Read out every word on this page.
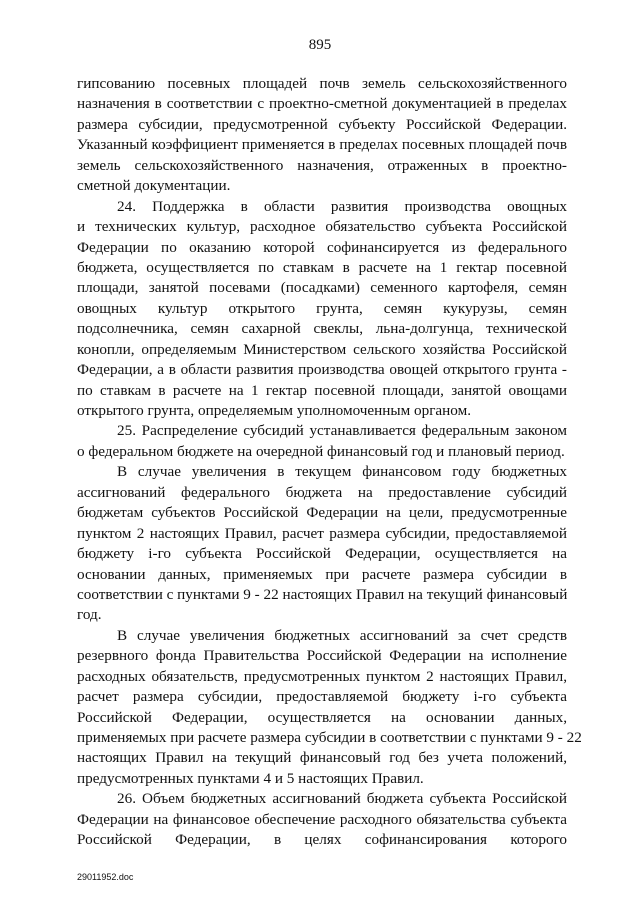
895
гипсованию посевных площадей почв земель сельскохозяйственного
назначения в соответствии с проектно-сметной документацией в пределах
размера субсидии, предусмотренной субъекту Российской Федерации.
Указанный коэффициент применяется в пределах посевных площадей почв
земель сельскохозяйственного назначения, отраженных в проектно-
сметной документации.
24. Поддержка в области развития производства овощных
и технических культур, расходное обязательство субъекта Российской
Федерации по оказанию которой софинансируется из федерального
бюджета, осуществляется по ставкам в расчете на 1 гектар посевной
площади, занятой посевами (посадками) семенного картофеля, семян
овощных культур открытого грунта, семян кукурузы, семян
подсолнечника, семян сахарной свеклы, льна-долгунца, технической
конопли, определяемым Министерством сельского хозяйства Российской
Федерации, а в области развития производства овощей открытого грунта -
по ставкам в расчете на 1 гектар посевной площади, занятой овощами
открытого грунта, определяемым уполномоченным органом.
25. Распределение субсидий устанавливается федеральным законом
о федеральном бюджете на очередной финансовый год и плановый период.
В случае увеличения в текущем финансовом году бюджетных
ассигнований федерального бюджета на предоставление субсидий
бюджетам субъектов Российской Федерации на цели, предусмотренные
пунктом 2 настоящих Правил, расчет размера субсидии, предоставляемой
бюджету i-го субъекта Российской Федерации, осуществляется на
основании данных, применяемых при расчете размера субсидии в
соответствии с пунктами 9 - 22 настоящих Правил на текущий финансовый
год.
В случае увеличения бюджетных ассигнований за счет средств
резервного фонда Правительства Российской Федерации на исполнение
расходных обязательств, предусмотренных пунктом 2 настоящих Правил,
расчет размера субсидии, предоставляемой бюджету i-го субъекта
Российской Федерации, осуществляется на основании данных,
применяемых при расчете размера субсидии в соответствии с пунктами 9 - 22
настоящих Правил на текущий финансовый год без учета положений,
предусмотренных пунктами 4 и 5 настоящих Правил.
26. Объем бюджетных ассигнований бюджета субъекта Российской
Федерации на финансовое обеспечение расходного обязательства субъекта
Российской Федерации, в целях софинансирования которого
29011952.doc
